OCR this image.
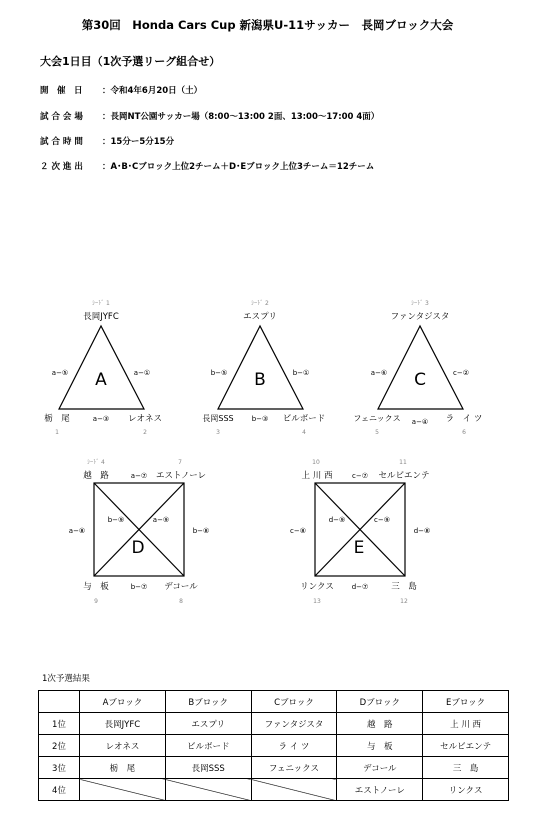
第30回　Honda Cars Cup 新潟県U-11サッカー　長岡ブロック大会
大会1日目（1次予選リーグ組合せ）
開　催　日 ：令和4年6月20日（土）
試 合 会 場 ：長岡NT公園サッカー場（8:00〜13:00 2面、13:00〜17:00 4面）
試 合 時 間 ：15分ー5分15分
２ 次 進 出 ：A･B･Cブロック上位2チーム＋D･Eブロック上位3チーム＝12チーム
A
ｼｰﾄﾞ 1
長岡JYFC
栃　尾	レオネス
1	2
a−⑤	a−①
a−③
B
ｼｰﾄﾞ 2
エスプリ
長岡SSS	ビルボード
3	4
b−⑤	b−①
b−③
C
ｼｰﾄﾞ 3
ファンタジスタ
フェニックス	ラ　イ ツ
5	6
a−⑥	c−②
a−④
D
ｼｰﾄﾞ 4	7
越　路	エストノーレ
与　板	デコール
9	8
a−⑦
b−⑦
a−⑧	b−⑧
b−⑨	a−⑨
E
10	11
上 川 西	セルビエンテ
リンクス	三　島
13	12
c−⑦
d−⑦
c−⑧	d−⑧
d−⑨	c−⑨
1次予選結果
	Aブロック	Bブロック	Cブロック	Dブロック	Eブロック
1位	長岡JYFC	エスプリ	ファンタジスタ	越　路	上 川 西
2位	レオネス	ビルボード	ラ イ ツ	与　板	セルビエンテ
3位	栃　尾	長岡SSS	フェニックス	デコール	三　島
4位				エストノーレ	リンクス
